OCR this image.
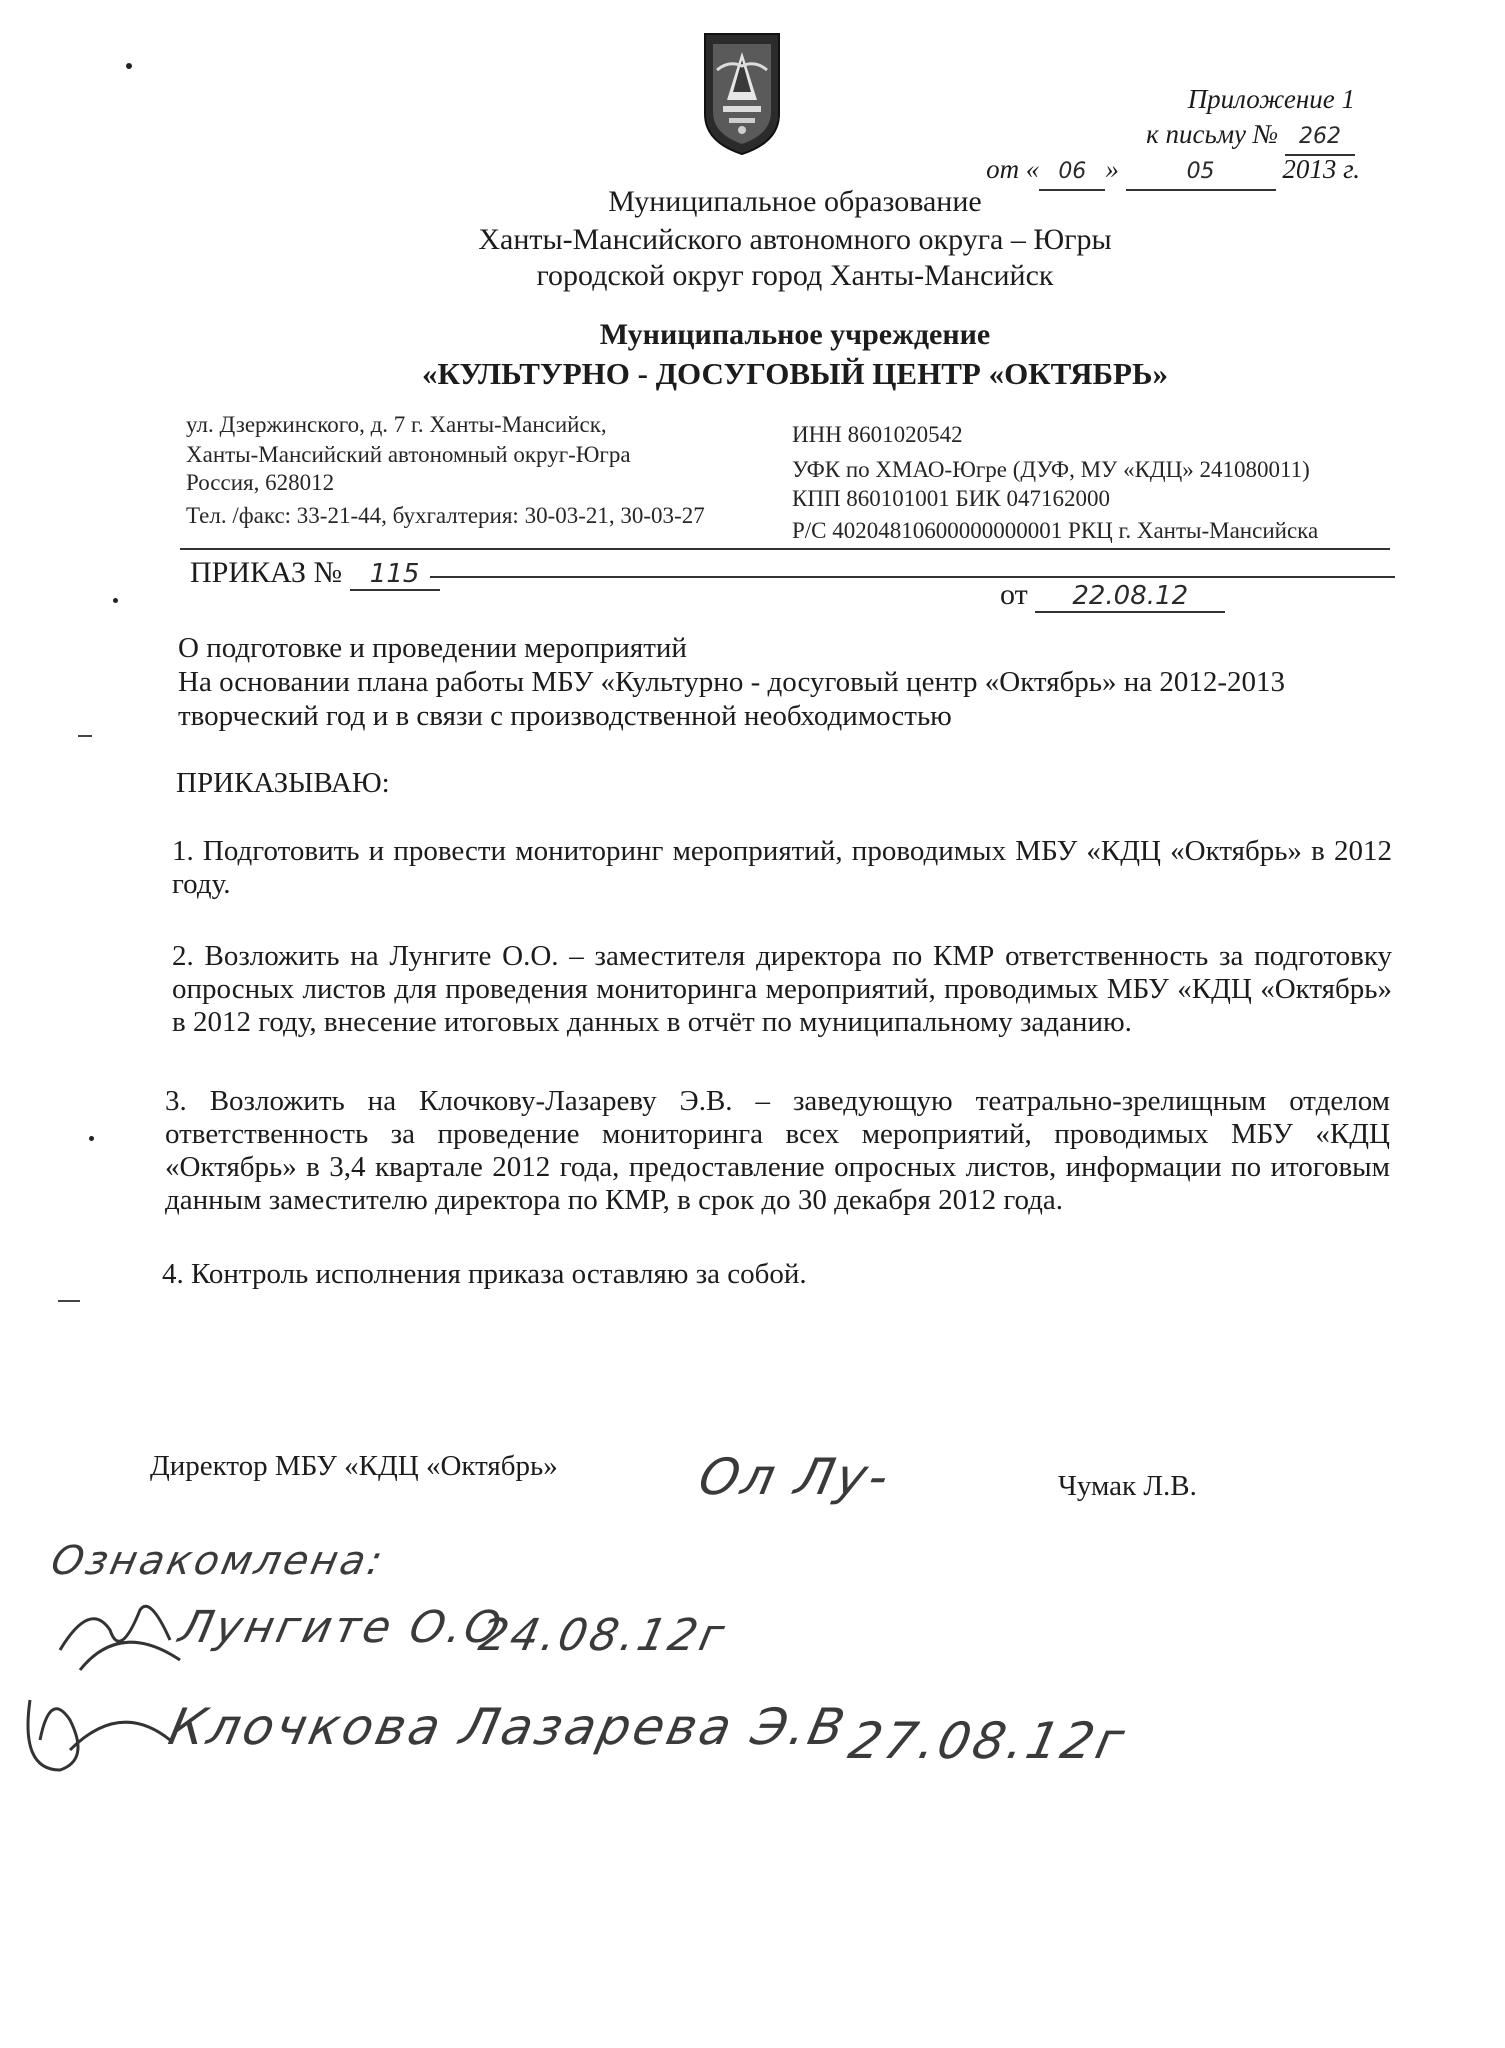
Приложение 1
к письму № 262
от « 06 »	05	2013 г.
Муниципальное образование
Ханты-Мансийского автономного округа – Югры
городской округ город Ханты-Мансийск
Муниципальное учреждение
«КУЛЬТУРНО - ДОСУГОВЫЙ ЦЕНТР «ОКТЯБРЬ»
ул. Дзержинского, д. 7 г. Ханты-Мансийск,
Ханты-Мансийский автономный округ-Югра
Россия, 628012
Тел. /факс: 33-21-44, бухгалтерия: 30-03-21, 30-03-27
ИНН 8601020542
УФК по ХМАО-Югре (ДУФ, МУ «КДЦ» 241080011)
КПП 860101001 БИК 047162000
Р/С 40204810600000000001 РКЦ г. Ханты-Мансийска
ПРИКАЗ № 115
от 22.08.12
О подготовке и проведении мероприятий
На основании плана работы МБУ «Культурно - досуговый центр «Октябрь» на 2012-2013
творческий год и в связи с производственной необходимостью
ПРИКАЗЫВАЮ:
1. Подготовить и провести мониторинг мероприятий, проводимых МБУ «КДЦ «Октябрь» в 2012 году.
2. Возложить на Лунгите О.О. – заместителя директора по КМР ответственность за подготовку опросных листов для проведения мониторинга мероприятий, проводимых МБУ «КДЦ «Октябрь» в 2012 году, внесение итоговых данных в отчёт по муниципальному заданию.
3. Возложить на Клочкову-Лазареву Э.В. – заведующую театрально-зрелищным отделом ответственность за проведение мониторинга всех мероприятий, проводимых МБУ «КДЦ «Октябрь» в 3,4 квартале 2012 года, предоставление опросных листов, информации по итоговым данным заместителю директора по КМР, в срок до 30 декабря 2012 года.
4. Контроль исполнения приказа оставляю за собой.
Директор МБУ «КДЦ «Октябрь»	Ол Лу-	Чумак Л.В.
Ознакомлена:
Лунгите О.О
24.08.12г
Клочкова Лазарева Э.В
27.08.12г
